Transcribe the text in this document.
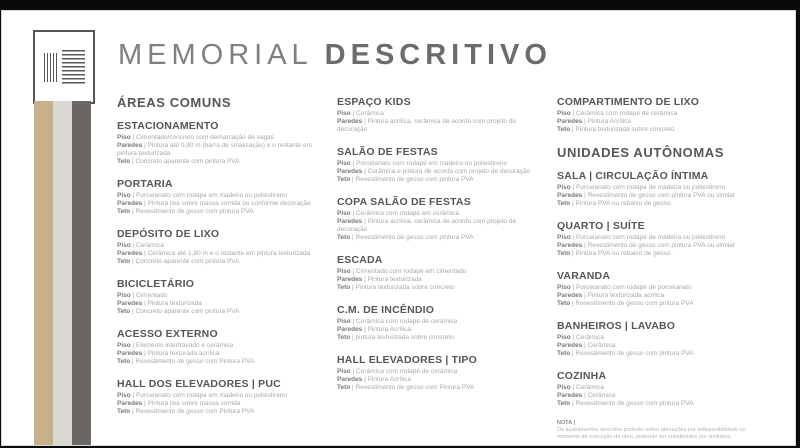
MEMORIAL DESCRITIVO
ÁREAS COMUNS
ESTACIONAMENTO
Piso | Cimentado/concreto com demarcação de vagas
Paredes | Pintura até 0,90 m (barra de sinalização) e o restante em pintura texturizada
Teto | Concreto aparente com pintura PVA
PORTARIA
Piso | Porcelanato com rodapé em madeira ou poliestireno
Paredes | Pintura lisa sobre massa corrida ou conforme decoração
Teto | Revestimento de gesso com pintura PVA
DEPÓSITO DE LIXO
Piso | Cerâmica
Paredes | Cerâmica até 1,80 m e o restante em pintura texturizada
Teto | Concreto aparente com pintura PVA
BICICLETÁRIO
Piso | Cimentado
Paredes | Pintura texturizada
Teto | Concreto aparente com pintura PVA
ACESSO EXTERNO
Piso | Elemento intertravado e cerâmica
Paredes | Pintura texturada acrílica
Teto | Revestimento de gesso com Pintura PVA
HALL DOS ELEVADORES | PUC
Piso | Porcelanato com rodapé em madeira ou poliestireno
Paredes | Pintura lisa sobre massa corrida
Teto | Revestimento de gesso com Pintura PVA
ESPAÇO KIDS
Piso | Cerâmica
Paredes | Pintura acrílica, cerâmica de acordo com projeto de decoração
SALÃO DE FESTAS
Piso | Porcelanato com rodapé em madeira ou poliestireno
Paredes | Cerâmica e pintura de acordo com projeto de decoração
Teto | Revestimento de gesso com pintura PVA
COPA SALÃO DE FESTAS
Piso | Cerâmica com rodapé em cerâmica
Paredes | Pintura acrílica, cerâmica de acordo com projeto de decoração
Teto | Revestimento de gesso com pintura PVA
ESCADA
Piso | Cimentado com rodapé em cimentado
Paredes | Pintura texturizada
Teto | Pintura texturizada sobre concreto
C.M. DE INCÊNDIO
Piso | Cerâmica com rodapé de cerâmica
Paredes | Pintura Acrílica
Teto | pintura texturizada sobre concreto
HALL ELEVADORES | TIPO
Piso | Cerâmica com rodapé de cerâmica
Paredes | Pintura Acrílica
Teto | Revestimento de gesso com Pintura PVA
COMPARTIMENTO DE LIXO
Piso | Cerâmica com rodapé de cerâmica
Paredes | Pintura Acrílica
Teto | Pintura texturizada sobre concreto
UNIDADES AUTÔNOMAS
SALA | CIRCULAÇÃO ÍNTIMA
Piso | Porcelanato com rodapé de madeira ou poliestireno
Paredes | Revestimento de gesso com pintura PVA ou similar
Teto | Pintura PVA ou rebaixo de gesso.
QUARTO | SUÍTE
Piso | Porcelanato com rodapé de madeira ou poliestireno
Paredes | Revestimento de gesso com pintura PVA ou similar
Teto | Pintura PVA ou rebaixo de gesso
VARANDA
Piso | Porcelanato com rodapé de porcelanato
Paredes | Pintura texturizada acrílica
Teto | Revestimento de gesso com pintura PVA
BANHEIROS | LAVABO
Piso | Cerâmica
Paredes | Cerâmica
Teto | Revestimento de gesso com pintura PVA
COZINHA
Piso | Cerâmica
Paredes | Cerâmica
Teto | Revestimento de gesso com pintura PVA
NOTA |
Os acabamentos descritos poderão sofrer alterações por indisponibilidade no momento da execução da obra, podendo ser substituídos por similares.
